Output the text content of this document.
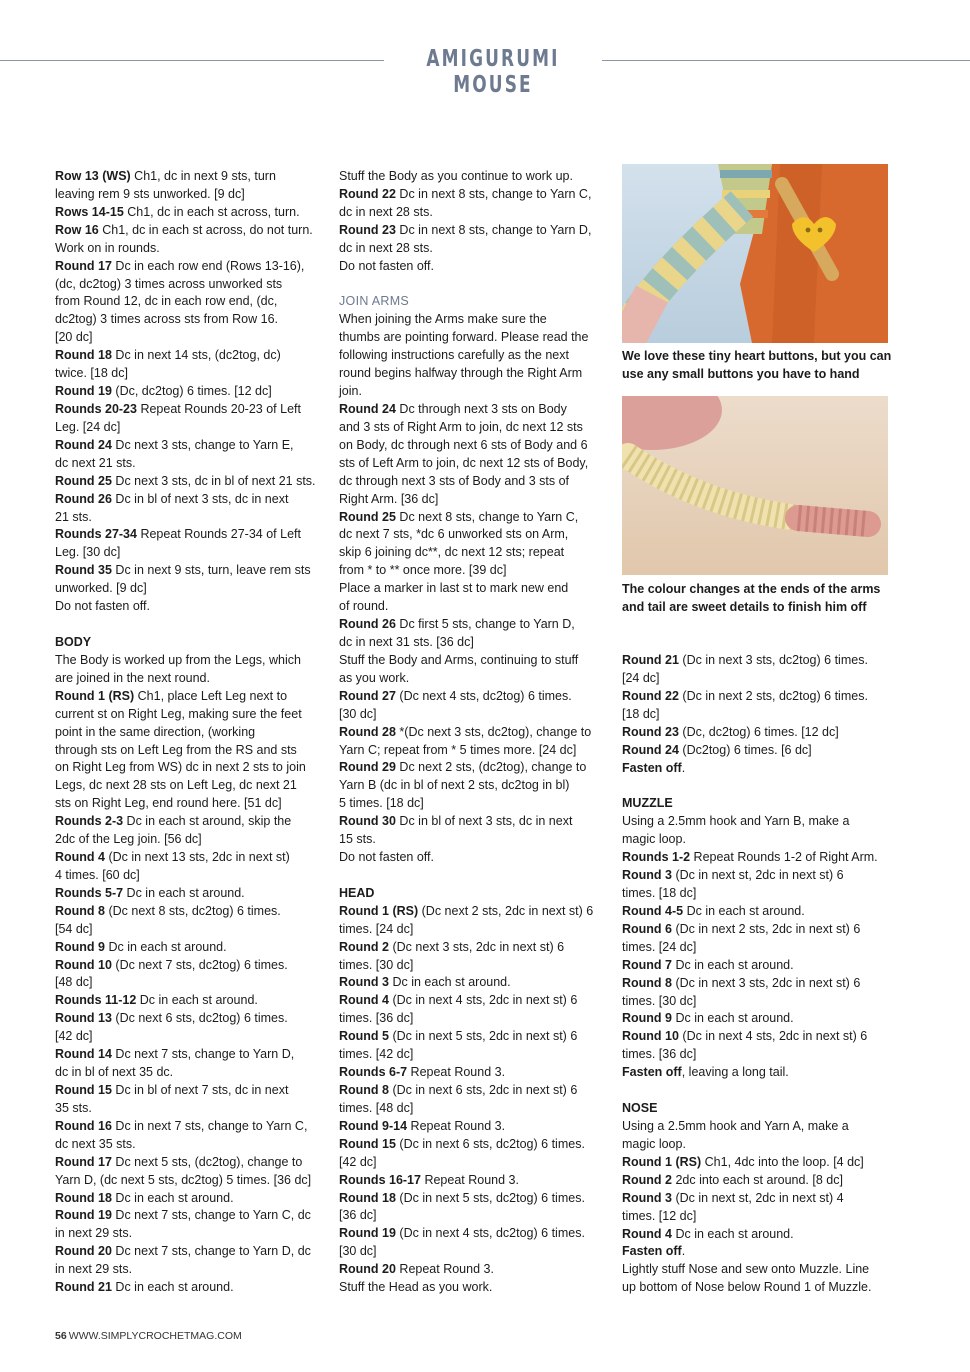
AMIGURUMI MOUSE
Row 13 (WS) Ch1, dc in next 9 sts, turn
leaving rem 9 sts unworked. [9 dc]
Rows 14-15 Ch1, dc in each st across, turn.
Row 16 Ch1, dc in each st across, do not turn.
Work on in rounds.
Round 17 Dc in each row end (Rows 13-16),
(dc, dc2tog) 3 times across unworked sts
from Round 12, dc in each row end, (dc,
dc2tog) 3 times across sts from Row 16.
[20 dc]
Round 18 Dc in next 14 sts, (dc2tog, dc)
twice. [18 dc]
Round 19 (Dc, dc2tog) 6 times. [12 dc]
Rounds 20-23 Repeat Rounds 20-23 of Left
Leg. [24 dc]
Round 24 Dc next 3 sts, change to Yarn E,
dc next 21 sts.
Round 25 Dc next 3 sts, dc in bl of next 21 sts.
Round 26 Dc in bl of next 3 sts, dc in next
21 sts.
Rounds 27-34 Repeat Rounds 27-34 of Left
Leg. [30 dc]
Round 35 Dc in next 9 sts, turn, leave rem sts
unworked. [9 dc]
Do not fasten off.
BODY
The Body is worked up from the Legs, which
are joined in the next round.
Round 1 (RS) Ch1, place Left Leg next to
current st on Right Leg, making sure the feet
point in the same direction, (working
through sts on Left Leg from the RS and sts
on Right Leg from WS) dc in next 2 sts to join
Legs, dc next 28 sts on Left Leg, dc next 21
sts on Right Leg, end round here. [51 dc]
Rounds 2-3 Dc in each st around, skip the
2dc of the Leg join. [56 dc]
Round 4 (Dc in next 13 sts, 2dc in next st)
4 times. [60 dc]
Rounds 5-7 Dc in each st around.
Round 8 (Dc next 8 sts, dc2tog) 6 times.
[54 dc]
Round 9 Dc in each st around.
Round 10 (Dc next 7 sts, dc2tog) 6 times.
[48 dc]
Rounds 11-12 Dc in each st around.
Round 13 (Dc next 6 sts, dc2tog) 6 times.
[42 dc]
Round 14 Dc next 7 sts, change to Yarn D,
dc in bl of next 35 dc.
Round 15 Dc in bl of next 7 sts, dc in next
35 sts.
Round 16 Dc in next 7 sts, change to Yarn C,
dc next 35 sts.
Round 17 Dc next 5 sts, (dc2tog), change to
Yarn D, (dc next 5 sts, dc2tog) 5 times. [36 dc]
Round 18 Dc in each st around.
Round 19 Dc next 7 sts, change to Yarn C, dc
in next 29 sts.
Round 20 Dc next 7 sts, change to Yarn D, dc
in next 29 sts.
Round 21 Dc in each st around.
Stuff the Body as you continue to work up.
Round 22 Dc in next 8 sts, change to Yarn C,
dc in next 28 sts.
Round 23 Dc in next 8 sts, change to Yarn D,
dc in next 28 sts.
Do not fasten off.
JOIN ARMS
When joining the Arms make sure the
thumbs are pointing forward. Please read the
following instructions carefully as the next
round begins halfway through the Right Arm
join.
Round 24 Dc through next 3 sts on Body
and 3 sts of Right Arm to join, dc next 12 sts
on Body, dc through next 6 sts of Body and 6
sts of Left Arm to join, dc next 12 sts of Body,
dc through next 3 sts of Body and 3 sts of
Right Arm. [36 dc]
Round 25 Dc next 8 sts, change to Yarn C,
dc next 7 sts, *dc 6 unworked sts on Arm,
skip 6 joining dc**, dc next 12 sts; repeat
from * to ** once more. [39 dc]
Place a marker in last st to mark new end
of round.
Round 26 Dc first 5 sts, change to Yarn D,
dc in next 31 sts. [36 dc]
Stuff the Body and Arms, continuing to stuff
as you work.
Round 27 (Dc next 4 sts, dc2tog) 6 times.
[30 dc]
Round 28 *(Dc next 3 sts, dc2tog), change to
Yarn C; repeat from * 5 times more. [24 dc]
Round 29 Dc next 2 sts, (dc2tog), change to
Yarn B (dc in bl of next 2 sts, dc2tog in bl)
5 times. [18 dc]
Round 30 Dc in bl of next 3 sts, dc in next
15 sts.
Do not fasten off.
HEAD
Round 1 (RS) (Dc next 2 sts, 2dc in next st) 6
times. [24 dc]
Round 2 (Dc next 3 sts, 2dc in next st) 6
times. [30 dc]
Round 3 Dc in each st around.
Round 4 (Dc in next 4 sts, 2dc in next st) 6
times. [36 dc]
Round 5 (Dc in next 5 sts, 2dc in next st) 6
times. [42 dc]
Rounds 6-7 Repeat Round 3.
Round 8 (Dc in next 6 sts, 2dc in next st) 6
times. [48 dc]
Round 9-14 Repeat Round 3.
Round 15 (Dc in next 6 sts, dc2tog) 6 times.
[42 dc]
Rounds 16-17 Repeat Round 3.
Round 18 (Dc in next 5 sts, dc2tog) 6 times.
[36 dc]
Round 19 (Dc in next 4 sts, dc2tog) 6 times.
[30 dc]
Round 20 Repeat Round 3.
Stuff the Head as you work.
We love these tiny heart buttons, but you can
use any small buttons you have to hand
The colour changes at the ends of the arms
and tail are sweet details to finish him off
Round 21 (Dc in next 3 sts, dc2tog) 6 times.
[24 dc]
Round 22 (Dc in next 2 sts, dc2tog) 6 times.
[18 dc]
Round 23 (Dc, dc2tog) 6 times. [12 dc]
Round 24 (Dc2tog) 6 times. [6 dc]
Fasten off.
MUZZLE
Using a 2.5mm hook and Yarn B, make a
magic loop.
Rounds 1-2 Repeat Rounds 1-2 of Right Arm.
Round 3 (Dc in next st, 2dc in next st) 6
times. [18 dc]
Round 4-5 Dc in each st around.
Round 6 (Dc in next 2 sts, 2dc in next st) 6
times. [24 dc]
Round 7 Dc in each st around.
Round 8 (Dc in next 3 sts, 2dc in next st) 6
times. [30 dc]
Round 9 Dc in each st around.
Round 10 (Dc in next 4 sts, 2dc in next st) 6
times. [36 dc]
Fasten off, leaving a long tail.
NOSE
Using a 2.5mm hook and Yarn A, make a
magic loop.
Round 1 (RS) Ch1, 4dc into the loop. [4 dc]
Round 2 2dc into each st around. [8 dc]
Round 3 (Dc in next st, 2dc in next st) 4
times. [12 dc]
Round 4 Dc in each st around.
Fasten off.
Lightly stuff Nose and sew onto Muzzle. Line
up bottom of Nose below Round 1 of Muzzle.
56 WWW.SIMPLYCROCHETMAG.COM
